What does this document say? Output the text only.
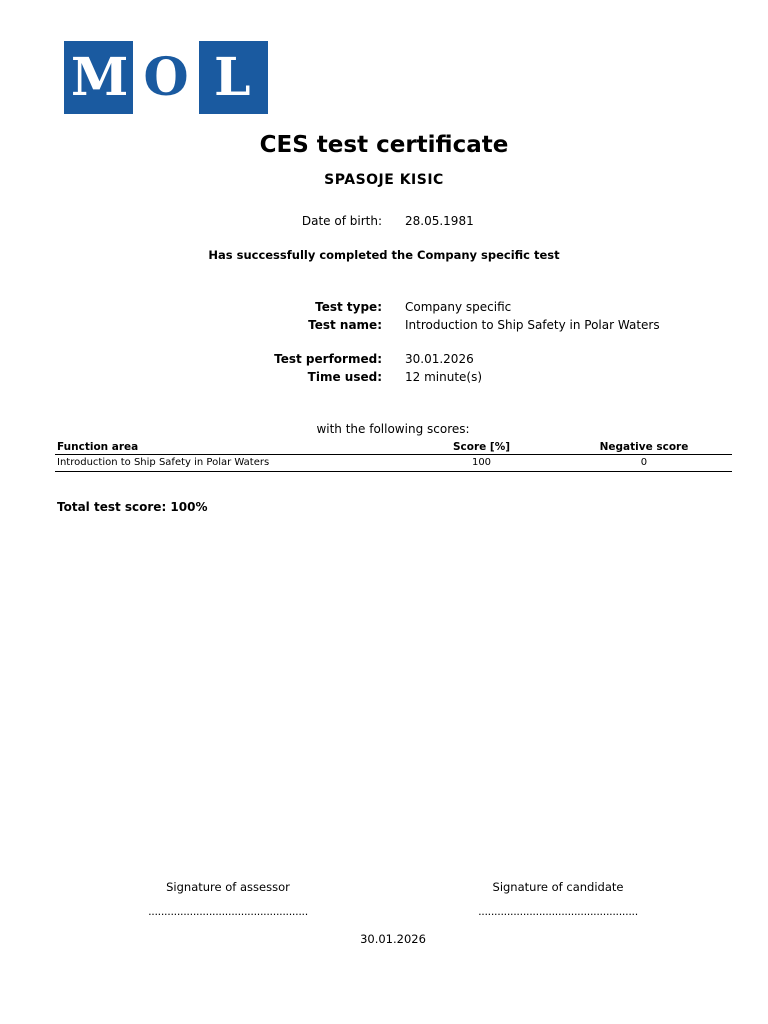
M O L
CES test certificate
SPASOJE KISIC
Date of birth: 28.05.1981
Has successfully completed the Company specific test
Test type: Company specific
Test name: Introduction to Ship Safety in Polar Waters
Test performed: 30.01.2026
Time used: 12 minute(s)
with the following scores:
Function area	Score [%]	Negative score
Introduction to Ship Safety in Polar Waters	100	0
Total test score: 100%
Signature of assessor	Signature of candidate
..................................................	..................................................
30.01.2026
